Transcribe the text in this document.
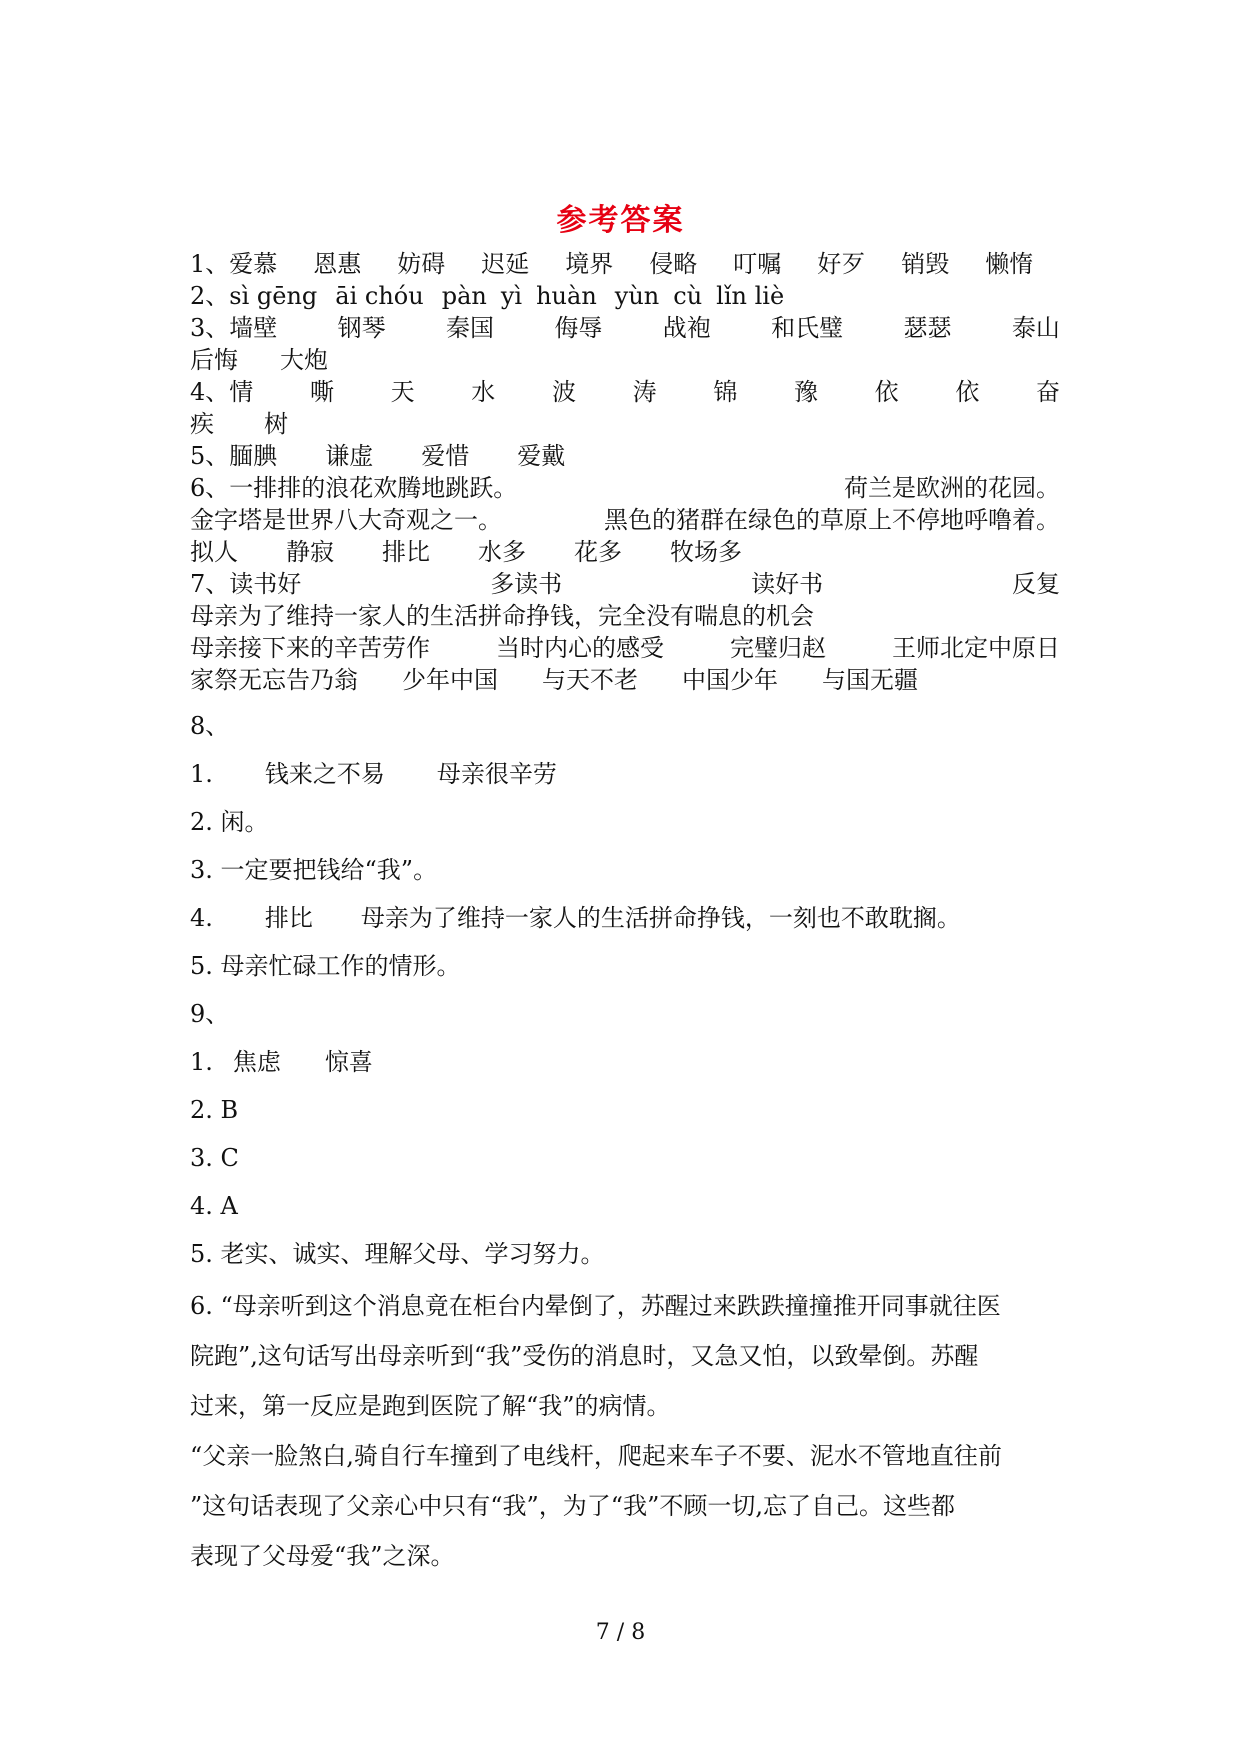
参考答案
1、爱慕 恩惠 妨碍 迟延 境界 侵略 叮嘱 好歹 销毁 懒惰
2、sì gēng āi chóu pàn yì huàn yùn cù lǐn liè
3、墙壁	钢琴	秦国	侮辱	战袍	和氏璧	瑟瑟	泰山
后悔 大炮
4、情 嘶 天 水 波 涛 锦 豫 依 依 奋
疾 树
5、腼腆 谦虚 爱惜 爱戴
6、一排排的浪花欢腾地跳跃。	荷兰是欧洲的花园。
金字塔是世界八大奇观之一。	黑色的猪群在绿色的草原上不停地呼噜着。
拟人 静寂 排比 水多 花多 牧场多
7、读书好	多读书	读好书	反复
母亲为了维持一家人的生活拼命挣钱，完全没有喘息的机会
母亲接下来的辛苦劳作	当时内心的感受	完璧归赵	王师北定中原日
家祭无忘告乃翁 少年中国 与天不老 中国少年 与国无疆
8、
1. 钱来之不易 母亲很辛劳
2. 闲。
3. 一定要把钱给“我”。
4. 排比 母亲为了维持一家人的生活拼命挣钱，一刻也不敢耽搁。
5. 母亲忙碌工作的情形。
9、
1. 焦虑 惊喜
2. B
3. C
4. A
5. 老实、诚实、理解父母、学习努力。
6. “母亲听到这个消息竟在柜台内晕倒了，苏醒过来跌跌撞撞推开同事就往医
院跑”,这句话写出母亲听到“我”受伤的消息时，又急又怕，以致晕倒。苏醒
过来，第一反应是跑到医院了解“我”的病情。
“父亲一脸煞白,骑自行车撞到了电线杆，爬起来车子不要、泥水不管地直往前
”这句话表现了父亲心中只有“我”，为了“我”不顾一切,忘了自己。这些都
表现了父母爱“我”之深。
7 / 8
